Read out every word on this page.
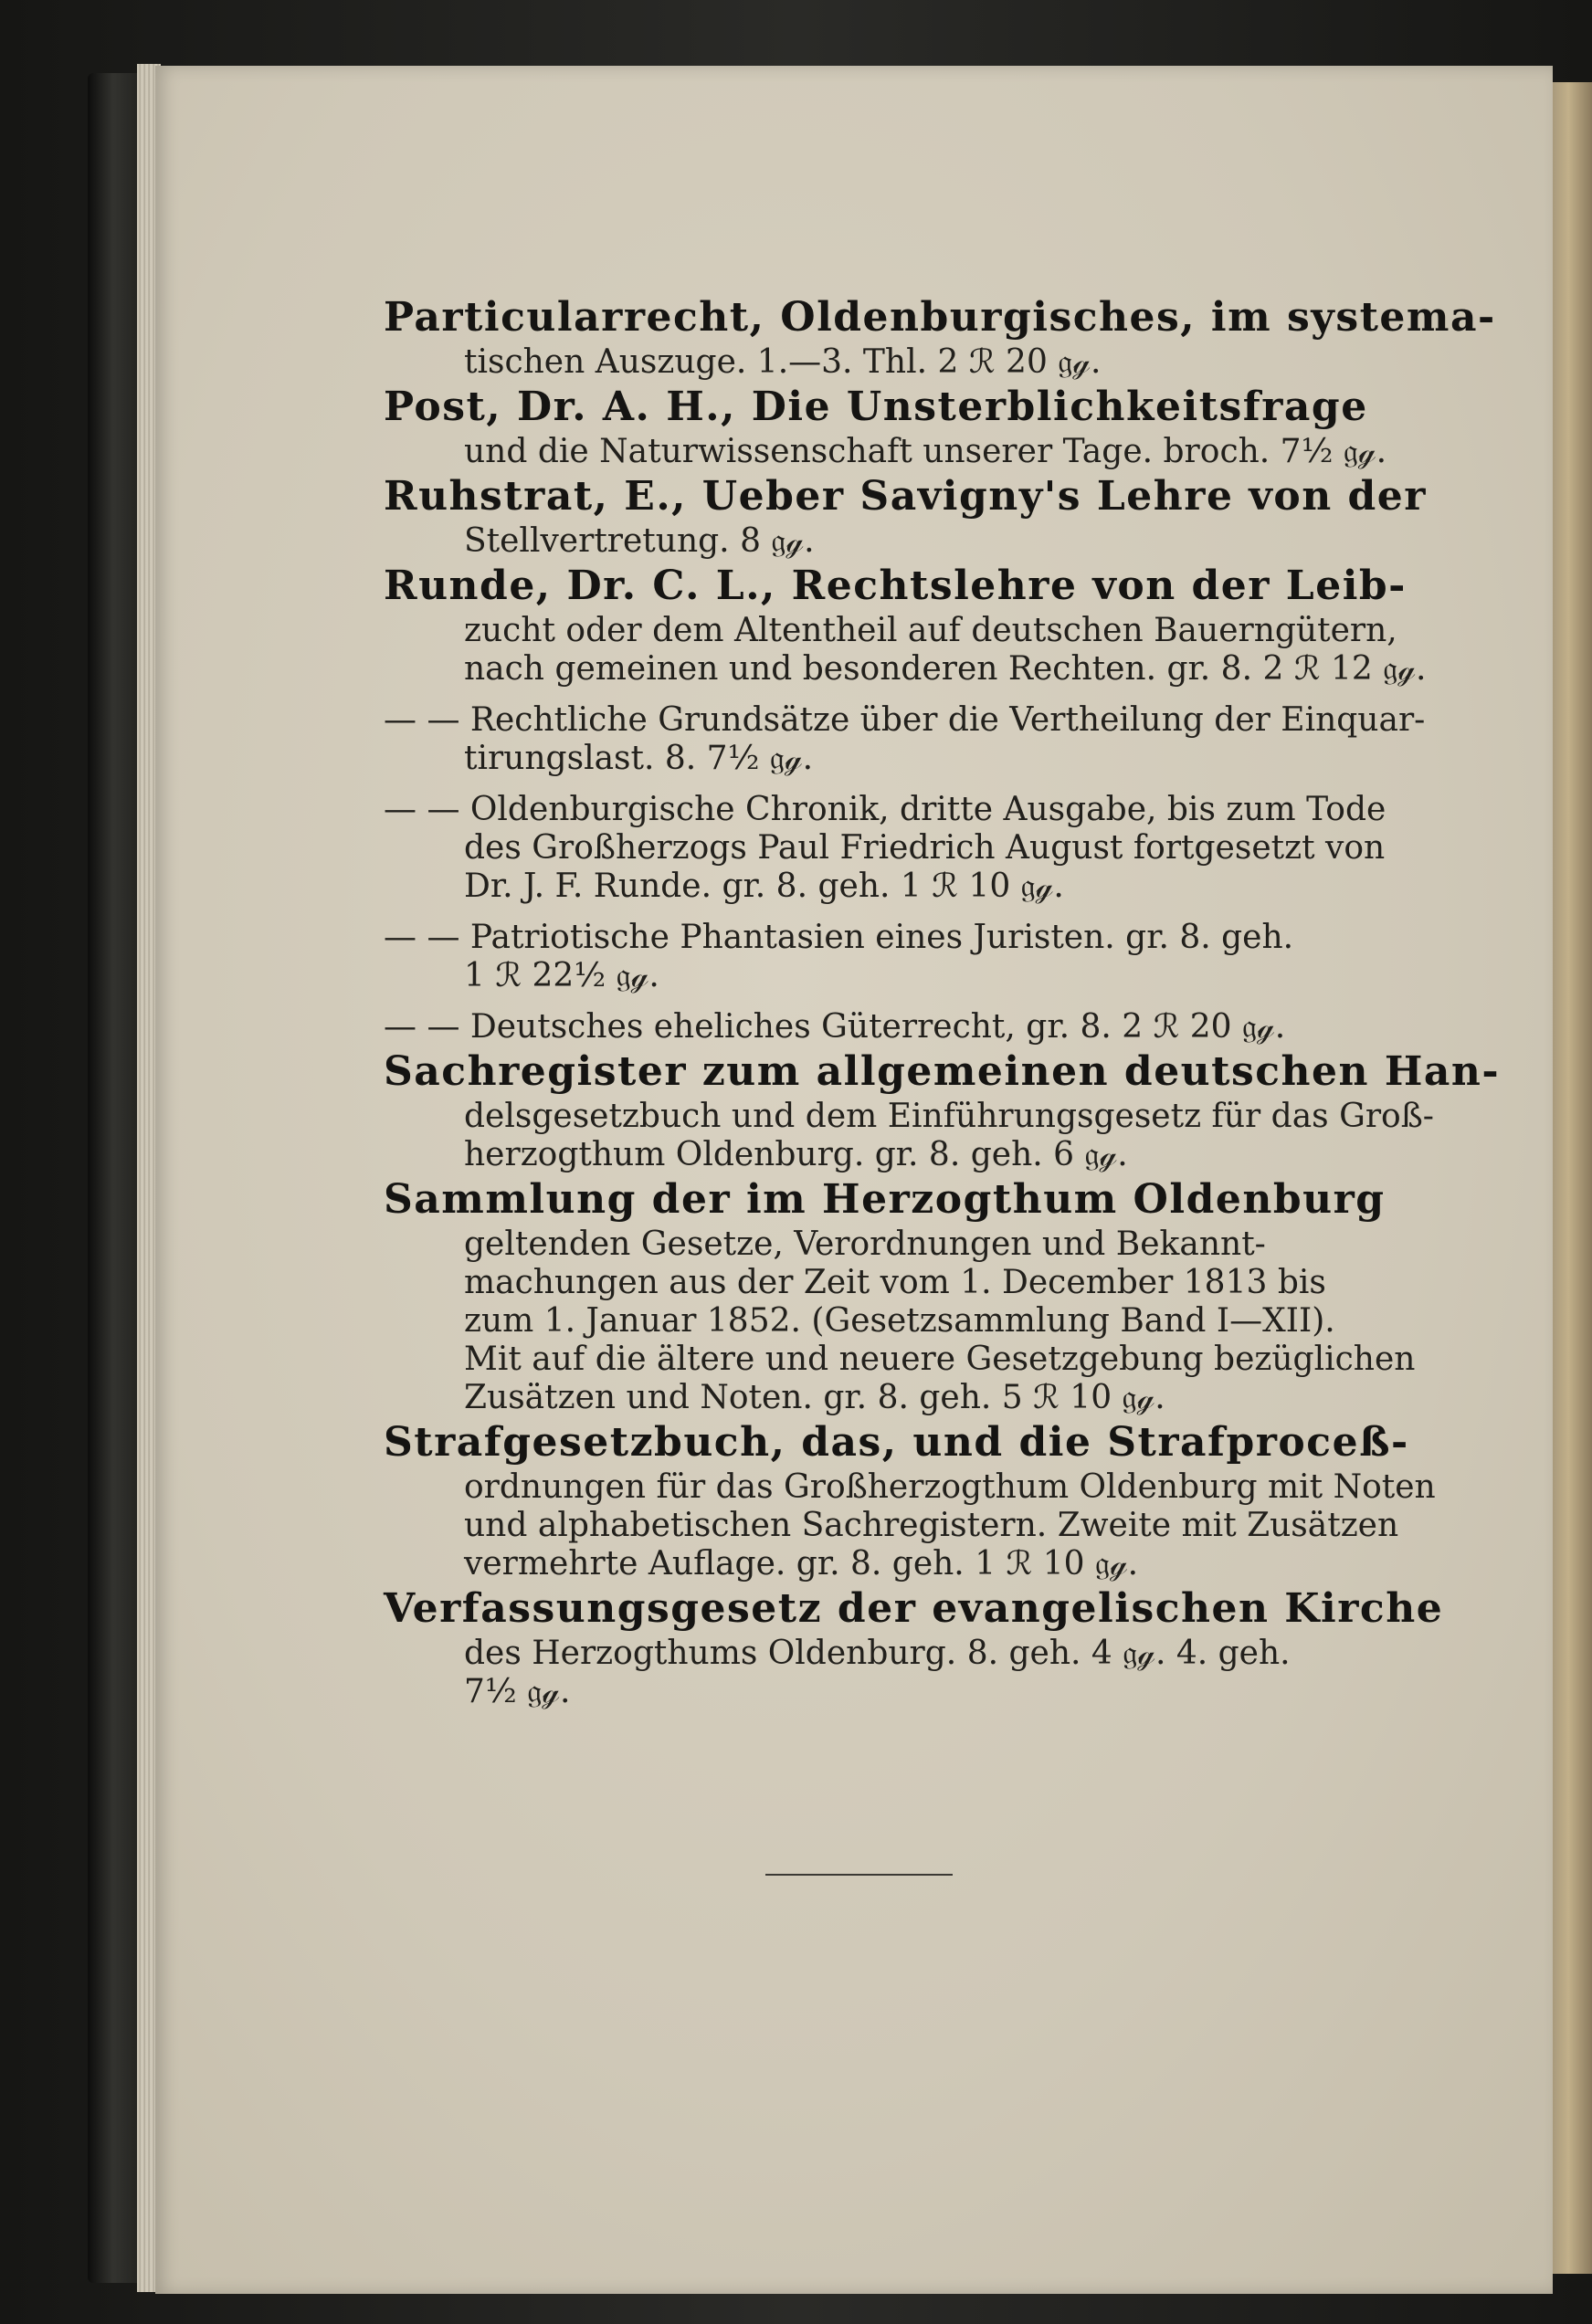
Particularrecht, Oldenburgisches, im systema-
tischen Auszuge. 1.—3. Thl. 2 ℛ 20 𝔤ℊ.
Post, Dr. A. H., Die Unsterblichkeitsfrage
und die Naturwissenschaft unserer Tage. broch. 7½ 𝔤ℊ.
Ruhstrat, E., Ueber Savigny's Lehre von der
Stellvertretung. 8 𝔤ℊ.
Runde, Dr. C. L., Rechtslehre von der Leib-
zucht oder dem Altentheil auf deutschen Bauerngütern,
nach gemeinen und besonderen Rechten. gr. 8. 2 ℛ 12 𝔤ℊ.
— — Rechtliche Grundsätze über die Vertheilung der Einquar-
tirungslast. 8. 7½ 𝔤ℊ.
— — Oldenburgische Chronik, dritte Ausgabe, bis zum Tode
des Großherzogs Paul Friedrich August fortgesetzt von
Dr. J. F. Runde. gr. 8. geh. 1 ℛ 10 𝔤ℊ.
— — Patriotische Phantasien eines Juristen. gr. 8. geh.
1 ℛ 22½ 𝔤ℊ.
— — Deutsches eheliches Güterrecht, gr. 8. 2 ℛ 20 𝔤ℊ.
Sachregister zum allgemeinen deutschen Han-
delsgesetzbuch und dem Einführungsgesetz für das Groß-
herzogthum Oldenburg. gr. 8. geh. 6 𝔤ℊ.
Sammlung der im Herzogthum Oldenburg
geltenden Gesetze, Verordnungen und Bekannt-
machungen aus der Zeit vom 1. December 1813 bis
zum 1. Januar 1852. (Gesetzsammlung Band I—XII).
Mit auf die ältere und neuere Gesetzgebung bezüglichen
Zusätzen und Noten. gr. 8. geh. 5 ℛ 10 𝔤ℊ.
Strafgesetzbuch, das, und die Strafproceß-
ordnungen für das Großherzogthum Oldenburg mit Noten
und alphabetischen Sachregistern. Zweite mit Zusätzen
vermehrte Auflage. gr. 8. geh. 1 ℛ 10 𝔤ℊ.
Verfassungsgesetz der evangelischen Kirche
des Herzogthums Oldenburg. 8. geh. 4 𝔤ℊ. 4. geh.
7½ 𝔤ℊ.
